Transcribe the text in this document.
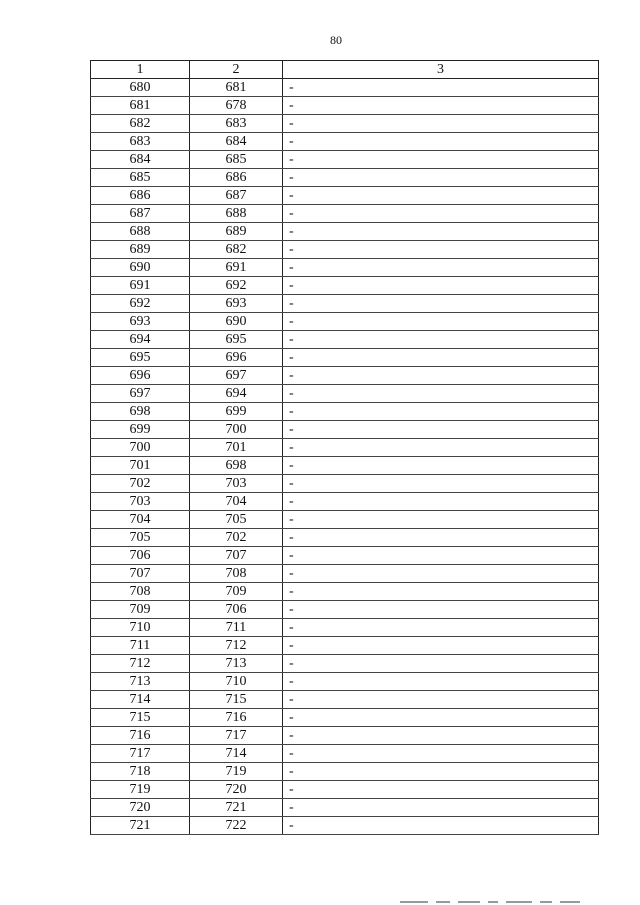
80
1	2	3
680	681	-
681	678	-
682	683	-
683	684	-
684	685	-
685	686	-
686	687	-
687	688	-
688	689	-
689	682	-
690	691	-
691	692	-
692	693	-
693	690	-
694	695	-
695	696	-
696	697	-
697	694	-
698	699	-
699	700	-
700	701	-
701	698	-
702	703	-
703	704	-
704	705	-
705	702	-
706	707	-
707	708	-
708	709	-
709	706	-
710	711	-
711	712	-
712	713	-
713	710	-
714	715	-
715	716	-
716	717	-
717	714	-
718	719	-
719	720	-
720	721	-
721	722	-
